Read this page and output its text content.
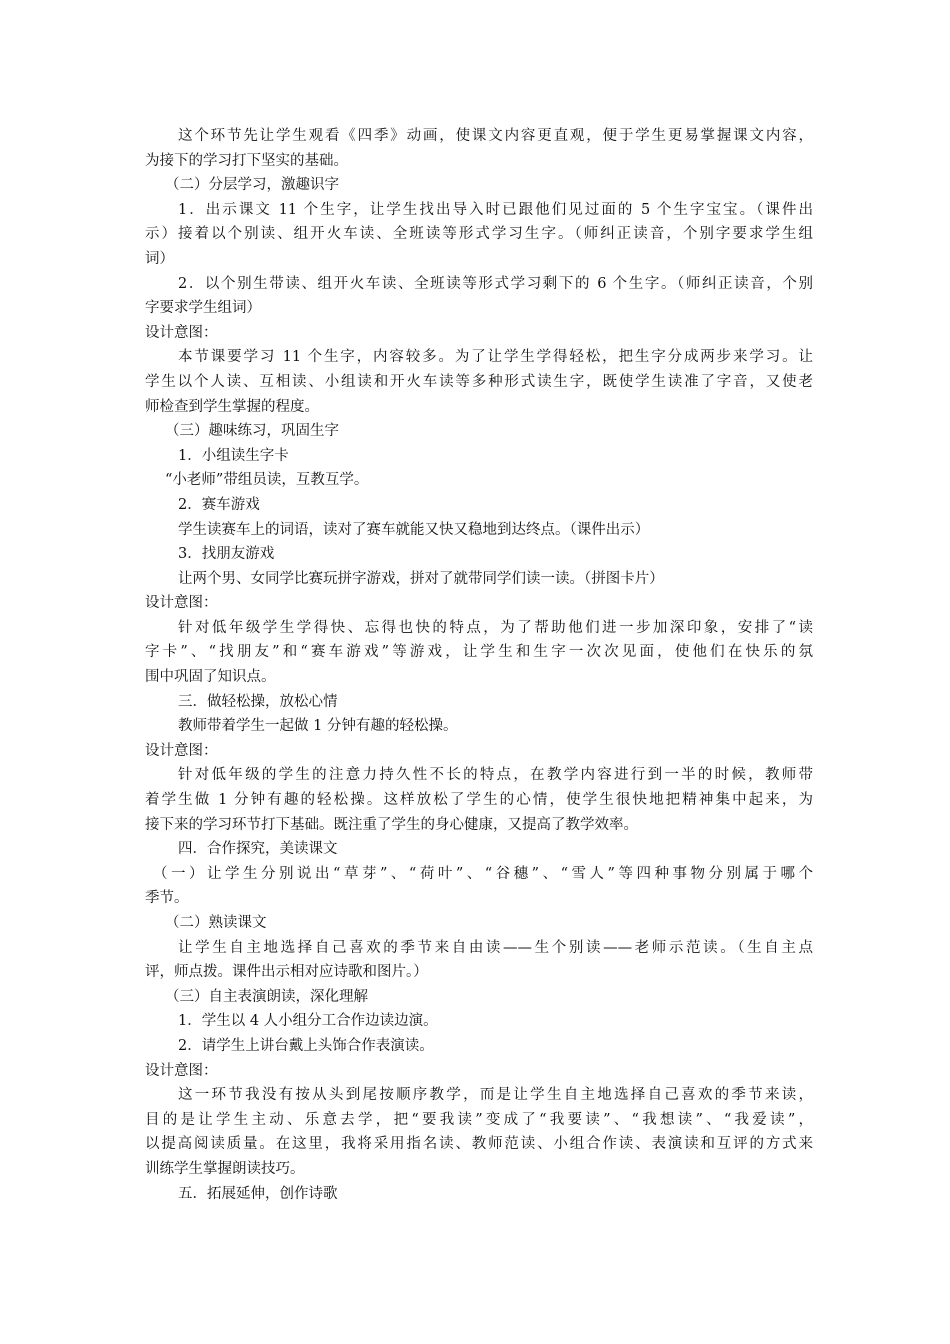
这个环节先让学生观看《四季》动画，使课文内容更直观，便于学生更易掌握课文内容，
为接下的学习打下坚实的基础。
（二）分层学习，激趣识字
1．出示课文 11 个生字，让学生找出导入时已跟他们见过面的 5 个生字宝宝。（课件出
示）接着以个别读、组开火车读、全班读等形式学习生字。（师纠正读音，个别字要求学生组
词）
2．以个别生带读、组开火车读、全班读等形式学习剩下的 6 个生字。（师纠正读音，个别
字要求学生组词）
设计意图：
本节课要学习 11 个生字，内容较多。为了让学生学得轻松，把生字分成两步来学习。让
学生以个人读、互相读、小组读和开火车读等多种形式读生字，既使学生读准了字音，又使老
师检查到学生掌握的程度。
（三）趣味练习，巩固生字
1．小组读生字卡
“小老师”带组员读，互教互学。
2．赛车游戏
学生读赛车上的词语，读对了赛车就能又快又稳地到达终点。（课件出示）
3．找朋友游戏
让两个男、女同学比赛玩拼字游戏，拼对了就带同学们读一读。（拼图卡片）
设计意图：
针对低年级学生学得快、忘得也快的特点，为了帮助他们进一步加深印象，安排了“读
字卡”、“找朋友”和“赛车游戏”等游戏，让学生和生字一次次见面，使他们在快乐的氛
围中巩固了知识点。
三．做轻松操，放松心情
教师带着学生一起做 1 分钟有趣的轻松操。
设计意图：
针对低年级的学生的注意力持久性不长的特点，在教学内容进行到一半的时候，教师带
着学生做 1 分钟有趣的轻松操。这样放松了学生的心情，使学生很快地把精神集中起来，为
接下来的学习环节打下基础。既注重了学生的身心健康，又提高了教学效率。
四．合作探究，美读课文
（一）让学生分别说出“草芽”、“荷叶”、“谷穗”、“雪人”等四种事物分别属于哪个
季节。
（二）熟读课文
让学生自主地选择自己喜欢的季节来自由读——生个别读——老师示范读。（生自主点
评，师点拨。课件出示相对应诗歌和图片。）
（三）自主表演朗读，深化理解
1．学生以 4 人小组分工合作边读边演。
2．请学生上讲台戴上头饰合作表演读。
设计意图：
这一环节我没有按从头到尾按顺序教学，而是让学生自主地选择自己喜欢的季节来读，
目的是让学生主动、乐意去学，把“要我读”变成了“我要读”、“我想读”、“我爱读”，
以提高阅读质量。在这里，我将采用指名读、教师范读、小组合作读、表演读和互评的方式来
训练学生掌握朗读技巧。
五．拓展延伸，创作诗歌
